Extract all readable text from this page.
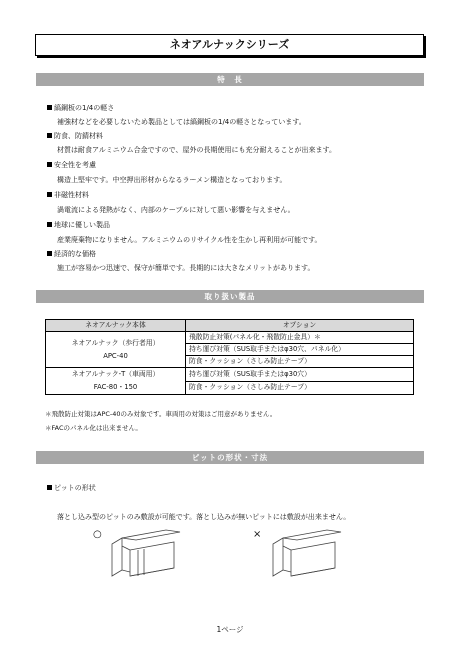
ネオアルナックシリーズ
特　長
縞鋼板の1/4の軽さ
補強材などを必要しないため製品としては縞鋼板の1/4の軽さとなっています。
防食、防錆材料
材質は耐食アルミニウム合金ですので、屋外の長期使用にも充分耐えることが出来ます。
安全性を考慮
構造上堅牢です。中空押出形材からなるラーメン構造となっております。
非磁性材料
渦電流による発熱がなく、内部のケーブルに対して悪い影響を与えません。
地球に優しい製品
産業廃棄物になりません。アルミニウムのリサイクル性を生かし再利用が可能です。
経済的な価格
施工が容易かつ迅速で、保守が簡単です。長期的には大きなメリットがあります。
取り扱い製品
ネオアルナック本体	オプション

ネオアルナック（歩行者用）
APC-40	飛散防止対策(パネル化・飛散防止金具）＊
	持ち運び対策（SUS取手またはφ30穴、パネル化）
	防食・クッション（さしみ防止テープ）

ネオアルナック-T（車両用）
FAC-80・150	持ち運び対策（SUS取手またはφ30穴）
	防食・クッション（さしみ防止テープ）
＊飛散防止対策はAPC-40のみ対象です。車両用の対策はご用意がありません。
＊FACのパネル化は出来ません。
ピットの形状・寸法
ピットの形状
落とし込み型のピットのみ敷設が可能です。落とし込みが無いピットには敷設が出来ません。
○	×
1ページ
